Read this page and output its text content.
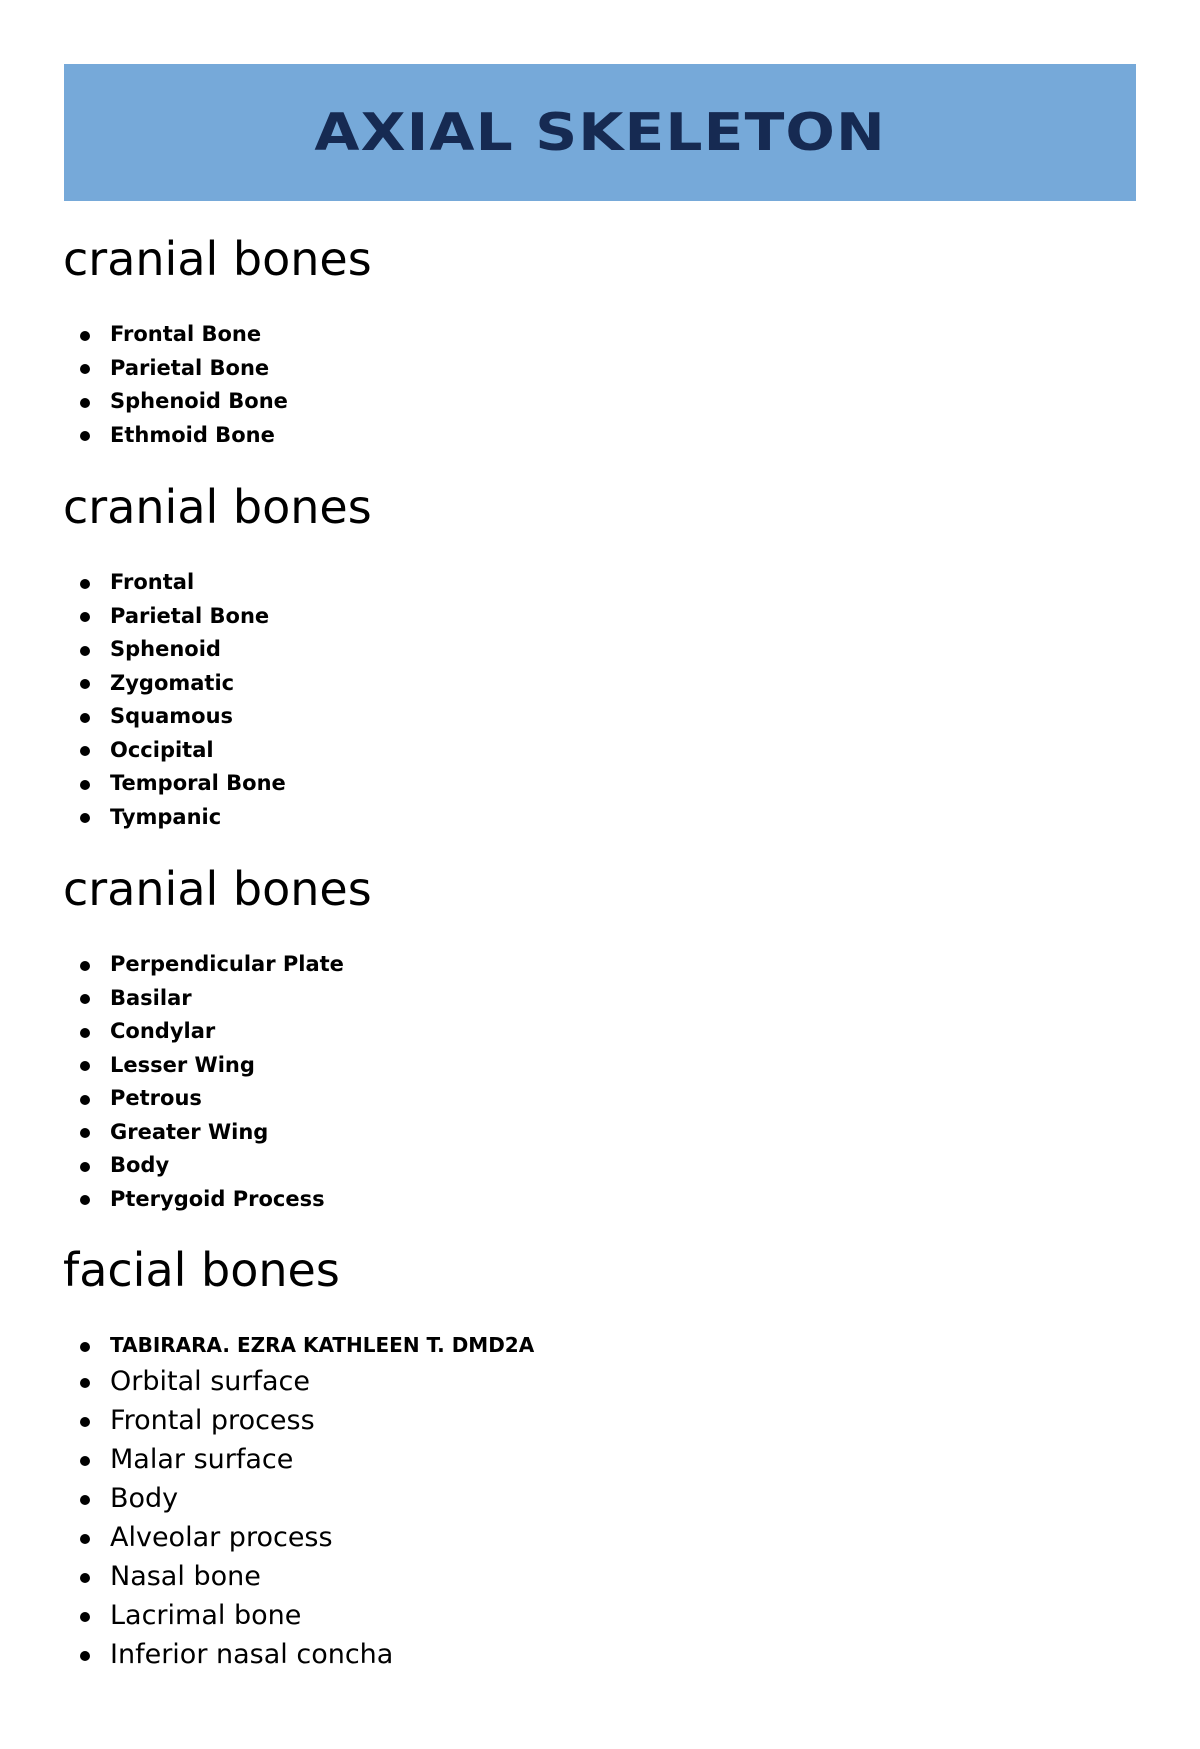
AXIAL SKELETON
cranial bones
Frontal Bone
Parietal Bone
Sphenoid Bone
Ethmoid Bone
cranial bones
Frontal
Parietal Bone
Sphenoid
Zygomatic
Squamous
Occipital
Temporal Bone
Tympanic
cranial bones
Perpendicular Plate
Basilar
Condylar
Lesser Wing
Petrous
Greater Wing
Body
Pterygoid Process
facial bones
TABIRARA. EZRA KATHLEEN T. DMD2A
Orbital surface
Frontal process
Malar surface
Body
Alveolar process
Nasal bone
Lacrimal bone
Inferior nasal concha
